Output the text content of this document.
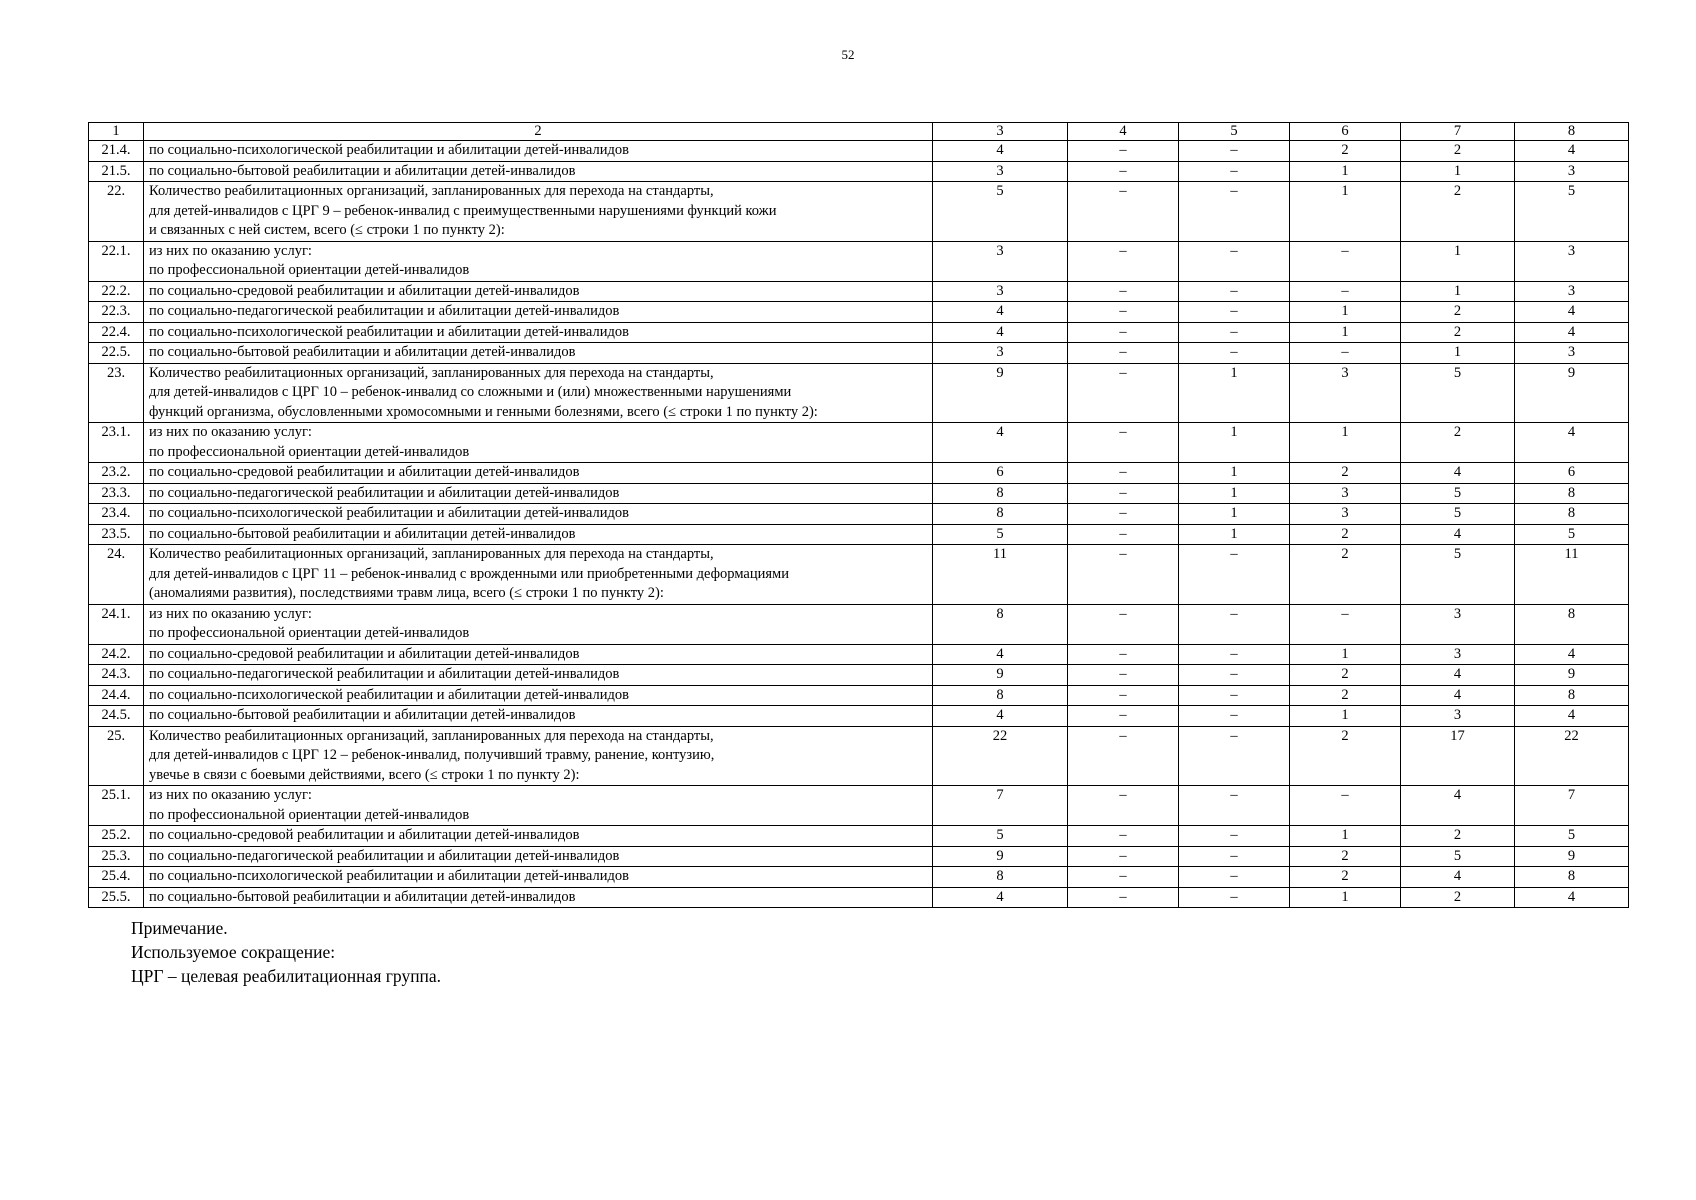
52
1	2	3	4	5	6	7	8
21.4.	по социально-психологической реабилитации и абилитации детей-инвалидов	4	–	–	2	2	4
21.5.	по социально-бытовой реабилитации и абилитации детей-инвалидов	3	–	–	1	1	3
22.	Количество реабилитационных организаций, запланированных для перехода на стандарты,
для детей-инвалидов с ЦРГ 9 – ребенок-инвалид с преимущественными нарушениями функций кожи
и связанных с ней систем, всего (≤ строки 1 по пункту 2):	5	–	–	1	2	5
22.1.	из них по оказанию услуг:
по профессиональной ориентации детей-инвалидов	3	–	–	–	1	3
22.2.	по социально-средовой реабилитации и абилитации детей-инвалидов	3	–	–	–	1	3
22.3.	по социально-педагогической реабилитации и абилитации детей-инвалидов	4	–	–	1	2	4
22.4.	по социально-психологической реабилитации и абилитации детей-инвалидов	4	–	–	1	2	4
22.5.	по социально-бытовой реабилитации и абилитации детей-инвалидов	3	–	–	–	1	3
23.	Количество реабилитационных организаций, запланированных для перехода на стандарты,
для детей-инвалидов с ЦРГ 10 – ребенок-инвалид со сложными и (или) множественными нарушениями
функций организма, обусловленными хромосомными и генными болезнями, всего (≤ строки 1 по пункту 2):	9	–	1	3	5	9
23.1.	из них по оказанию услуг:
по профессиональной ориентации детей-инвалидов	4	–	1	1	2	4
23.2.	по социально-средовой реабилитации и абилитации детей-инвалидов	6	–	1	2	4	6
23.3.	по социально-педагогической реабилитации и абилитации детей-инвалидов	8	–	1	3	5	8
23.4.	по социально-психологической реабилитации и абилитации детей-инвалидов	8	–	1	3	5	8
23.5.	по социально-бытовой реабилитации и абилитации детей-инвалидов	5	–	1	2	4	5
24.	Количество реабилитационных организаций, запланированных для перехода на стандарты,
для детей-инвалидов с ЦРГ 11 – ребенок-инвалид с врожденными или приобретенными деформациями
(аномалиями развития), последствиями травм лица, всего (≤ строки 1 по пункту 2):	11	–	–	2	5	11
24.1.	из них по оказанию услуг:
по профессиональной ориентации детей-инвалидов	8	–	–	–	3	8
24.2.	по социально-средовой реабилитации и абилитации детей-инвалидов	4	–	–	1	3	4
24.3.	по социально-педагогической реабилитации и абилитации детей-инвалидов	9	–	–	2	4	9
24.4.	по социально-психологической реабилитации и абилитации детей-инвалидов	8	–	–	2	4	8
24.5.	по социально-бытовой реабилитации и абилитации детей-инвалидов	4	–	–	1	3	4
25.	Количество реабилитационных организаций, запланированных для перехода на стандарты,
для детей-инвалидов с ЦРГ 12 – ребенок-инвалид, получивший травму, ранение, контузию,
увечье в связи с боевыми действиями, всего (≤ строки 1 по пункту 2):	22	–	–	2	17	22
25.1.	из них по оказанию услуг:
по профессиональной ориентации детей-инвалидов	7	–	–	–	4	7
25.2.	по социально-средовой реабилитации и абилитации детей-инвалидов	5	–	–	1	2	5
25.3.	по социально-педагогической реабилитации и абилитации детей-инвалидов	9	–	–	2	5	9
25.4.	по социально-психологической реабилитации и абилитации детей-инвалидов	8	–	–	2	4	8
25.5.	по социально-бытовой реабилитации и абилитации детей-инвалидов	4	–	–	1	2	4
Примечание.
Используемое сокращение:
ЦРГ – целевая реабилитационная группа.
